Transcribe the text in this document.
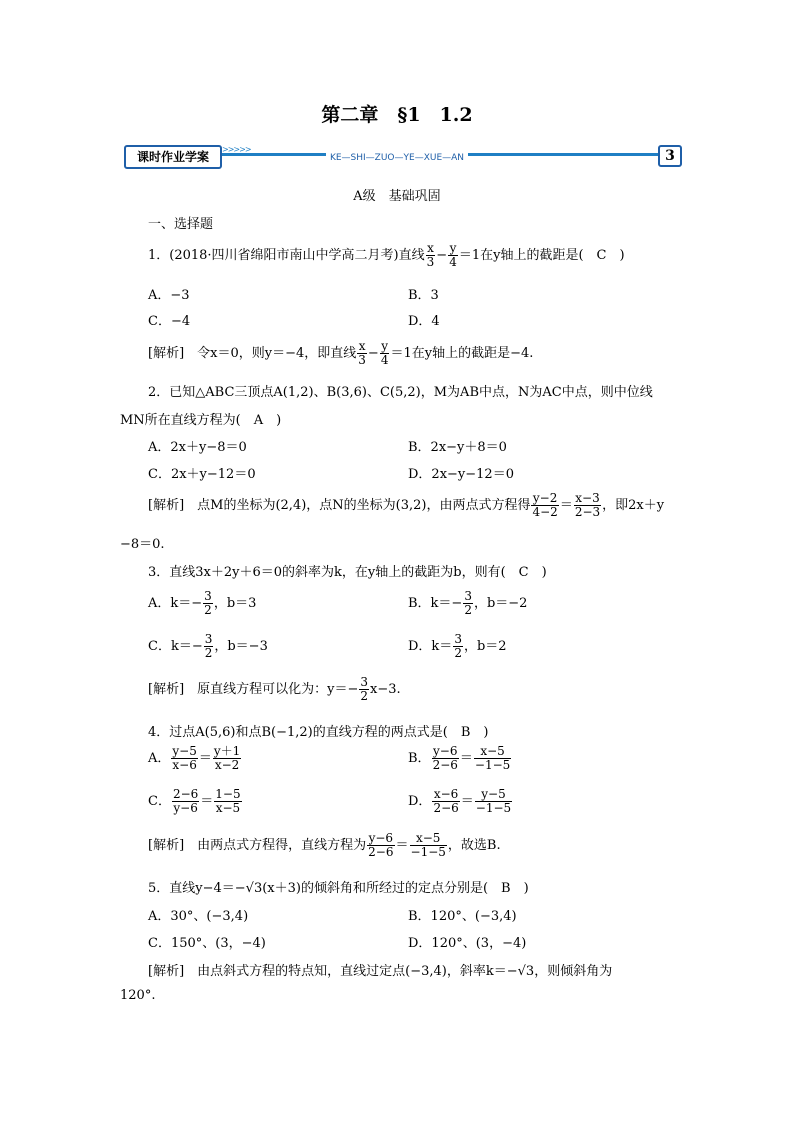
第二章　§1　1.2
>>>>>
KE—SHI—ZUO—YE—XUE—AN
课时作业学案	3
A级　基础巩固
一、选择题
1．(2018·四川省绵阳市南山中学高二月考)直线 $\frac{x}{3} - \frac{y}{4} =1$在y轴上的截距是(　C　)
A．−3	B．3
C．−4	D．4
[解析]　令x＝0，则y＝−4，即直线 $\frac{x}{3} - \frac{y}{4} =1$在y轴上的截距是−4.
2．已知△ABC三顶点A(1,2)、B(3,6)、C(5,2)，M为AB中点，N为AC中点，则中位线
MN所在直线方程为(　A　)
A．2x＋y−8＝0	B．2x−y＋8＝0
C．2x＋y−12＝0	D．2x−y−12＝0
[解析]　点M的坐标为(2,4)，点N的坐标为(3,2)，由两点式方程得 $\frac{y-2}{4-2} = \frac{x-3}{2-3}$ ，即2x＋y
−8＝0.
3．直线3x＋2y＋6＝0的斜率为k，在y轴上的截距为b，则有(　C　)
A．$k=- \frac{3}{2}$ ，b＝3	B．$k=- \frac{3}{2}$ ，b＝−2
C．$k=- \frac{3}{2}$ ，b＝−3	D．$k= \frac{3}{2}$ ，b＝2
[解析]　原直线方程可以化为：$y=- \frac{3}{2} x-3$.
4．过点A(5,6)和点B(−1,2)的直线方程的两点式是(　B　)
A． $\frac{y-5}{x-6} = \frac{y+1}{x-2}$	B． $\frac{y-6}{2-6} = \frac{x-5}{-1-5}$
C． $\frac{2-6}{y-6} = \frac{1-5}{x-5}$	D． $\frac{x-6}{2-6} = \frac{y-5}{-1-5}$
[解析]　由两点式方程得，直线方程为 $\frac{y-6}{2-6} = \frac{x-5}{-1-5}$ ，故选B.
5．直线y−4＝−√3(x＋3)的倾斜角和所经过的定点分别是(　B　)
A．30°、(−3,4)	B．120°、(−3,4)
C．150°、(3，−4)	D．120°、(3，−4)
[解析]　由点斜式方程的特点知，直线过定点(−3,4)，斜率k＝−√3，则倾斜角为
120°.
